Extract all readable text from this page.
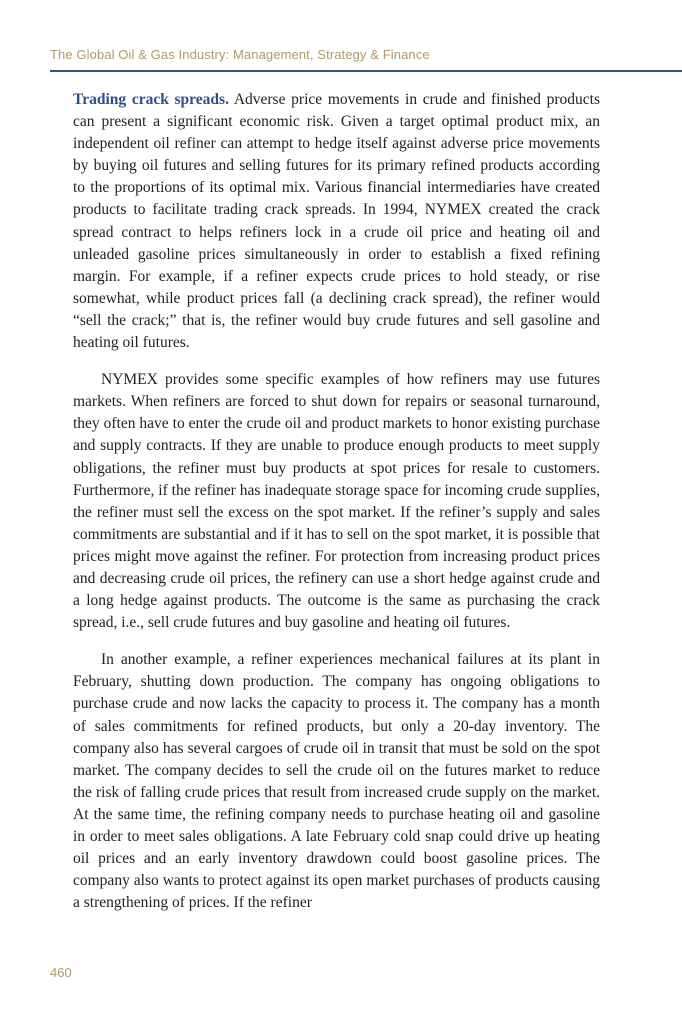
The Global Oil & Gas Industry: Management, Strategy & Finance

Trading crack spreads. Adverse price movements in crude and finished products can present a significant economic risk. Given a target optimal product mix, an independent oil refiner can attempt to hedge itself against adverse price movements by buying oil futures and selling futures for its primary refined products according to the proportions of its optimal mix. Various financial intermediaries have created products to facilitate trading crack spreads. In 1994, NYMEX created the crack spread contract to helps refiners lock in a crude oil price and heating oil and unleaded gasoline prices simultaneously in order to establish a fixed refining margin. For example, if a refiner expects crude prices to hold steady, or rise somewhat, while product prices fall (a declining crack spread), the refiner would “sell the crack;” that is, the refiner would buy crude futures and sell gasoline and heating oil futures.

NYMEX provides some specific examples of how refiners may use futures markets. When refiners are forced to shut down for repairs or seasonal turnaround, they often have to enter the crude oil and product markets to honor existing purchase and supply contracts. If they are unable to produce enough products to meet supply obligations, the refiner must buy products at spot prices for resale to customers. Furthermore, if the refiner has inadequate storage space for incoming crude supplies, the refiner must sell the excess on the spot market. If the refiner’s supply and sales commitments are substantial and if it has to sell on the spot market, it is possible that prices might move against the refiner. For protection from increasing product prices and decreasing crude oil prices, the refinery can use a short hedge against crude and a long hedge against products. The outcome is the same as purchasing the crack spread, i.e., sell crude futures and buy gasoline and heating oil futures.

In another example, a refiner experiences mechanical failures at its plant in February, shutting down production. The company has ongoing obligations to purchase crude and now lacks the capacity to process it. The company has a month of sales commitments for refined products, but only a 20-day inventory. The company also has several cargoes of crude oil in transit that must be sold on the spot market. The company decides to sell the crude oil on the futures market to reduce the risk of falling crude prices that result from increased crude supply on the market. At the same time, the refining company needs to purchase heating oil and gasoline in order to meet sales obligations. A late February cold snap could drive up heating oil prices and an early inventory drawdown could boost gasoline prices. The company also wants to protect against its open market purchases of products causing a strengthening of prices. If the refiner

460
